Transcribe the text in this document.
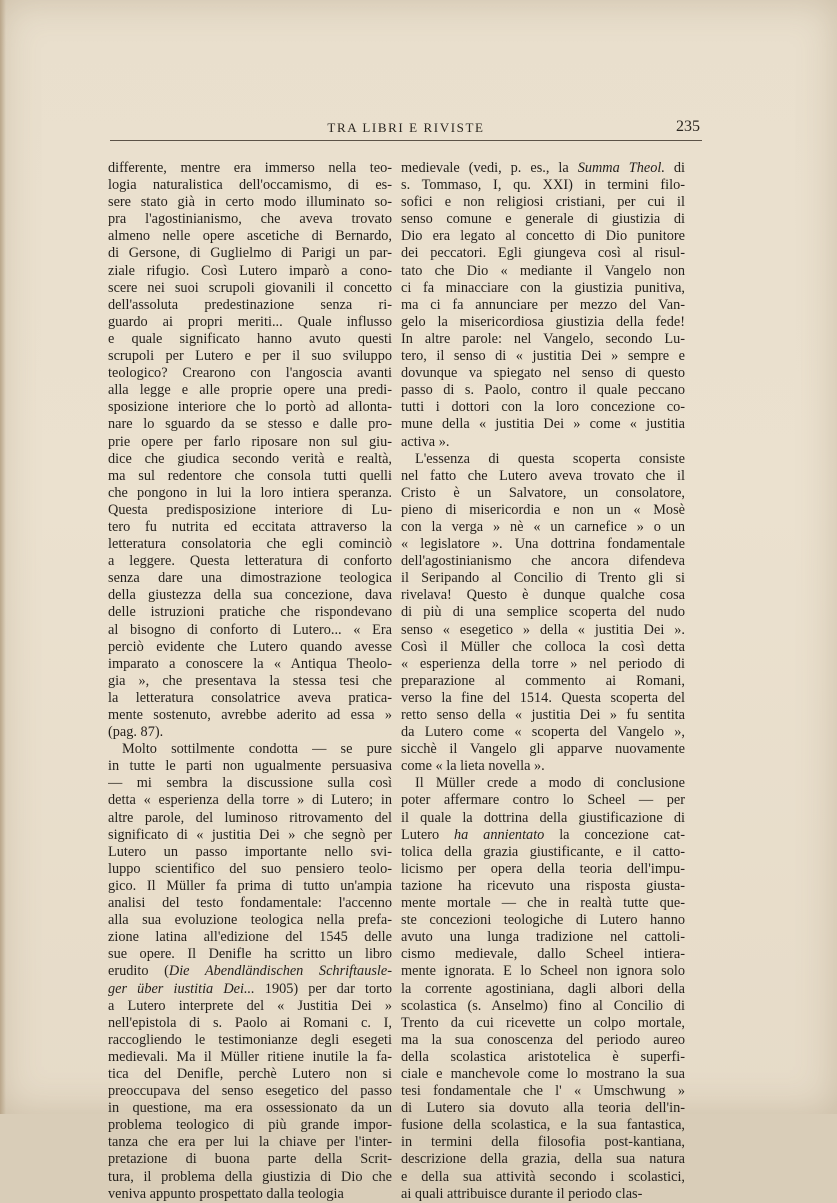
TRA LIBRI E RIVISTE	235
differente, mentre era immerso nella teo-
logia naturalistica dell'occamismo, di es-
sere stato già in certo modo illuminato so-
pra l'agostinianismo, che aveva trovato
almeno nelle opere ascetiche di Bernardo,
di Gersone, di Guglielmo di Parigi un par-
ziale rifugio. Così Lutero imparò a cono-
scere nei suoi scrupoli giovanili il concetto
dell'assoluta predestinazione senza ri-
guardo ai propri meriti... Quale influsso
e quale significato hanno avuto questi
scrupoli per Lutero e per il suo sviluppo
teologico? Crearono con l'angoscia avanti
alla legge e alle proprie opere una predi-
sposizione interiore che lo portò ad allonta-
nare lo sguardo da se stesso e dalle pro-
prie opere per farlo riposare non sul giu-
dice che giudica secondo verità e realtà,
ma sul redentore che consola tutti quelli
che pongono in lui la loro intiera speranza.
Questa predisposizione interiore di Lu-
tero fu nutrita ed eccitata attraverso la
letteratura consolatoria che egli cominciò
a leggere. Questa letteratura di conforto
senza dare una dimostrazione teologica
della giustezza della sua concezione, dava
delle istruzioni pratiche che rispondevano
al bisogno di conforto di Lutero... « Era
perciò evidente che Lutero quando avesse
imparato a conoscere la « Antiqua Theolo-
gia », che presentava la stessa tesi che
la letteratura consolatrice aveva pratica-
mente sostenuto, avrebbe aderito ad essa »
(pag. 87).
Molto sottilmente condotta — se pure
in tutte le parti non ugualmente persuasiva
— mi sembra la discussione sulla così
detta « esperienza della torre » di Lutero; in
altre parole, del luminoso ritrovamento del
significato di « justitia Dei » che segnò per
Lutero un passo importante nello svi-
luppo scientifico del suo pensiero teolo-
gico. Il Müller fa prima di tutto un'ampia
analisi del testo fondamentale: l'accenno
alla sua evoluzione teologica nella prefa-
zione latina all'edizione del 1545 delle
sue opere. Il Denifle ha scritto un libro
erudito (Die Abendländischen Schriftausle-
ger über iustitia Dei... 1905) per dar torto
a Lutero interprete del « Justitia Dei »
nell'epistola di s. Paolo ai Romani c. I,
raccogliendo le testimonianze degli esegeti
medievali. Ma il Müller ritiene inutile la fa-
tica del Denifle, perchè Lutero non si
preoccupava del senso esegetico del passo
in questione, ma era ossessionato da un
problema teologico di più grande impor-
tanza che era per lui la chiave per l'inter-
pretazione di buona parte della Scrit-
tura, il problema della giustizia di Dio che
veniva appunto prospettato dalla teologia
medievale (vedi, p. es., la Summa Theol. di
s. Tommaso, I, qu. XXI) in termini filo-
sofici e non religiosi cristiani, per cui il
senso comune e generale di giustizia di
Dio era legato al concetto di Dio punitore
dei peccatori. Egli giungeva così al risul-
tato che Dio « mediante il Vangelo non
ci fa minacciare con la giustizia punitiva,
ma ci fa annunciare per mezzo del Van-
gelo la misericordiosa giustizia della fede!
In altre parole: nel Vangelo, secondo Lu-
tero, il senso di « justitia Dei » sempre e
dovunque va spiegato nel senso di questo
passo di s. Paolo, contro il quale peccano
tutti i dottori con la loro concezione co-
mune della « justitia Dei » come « justitia
activa ».
L'essenza di questa scoperta consiste
nel fatto che Lutero aveva trovato che il
Cristo è un Salvatore, un consolatore,
pieno di misericordia e non un « Mosè
con la verga » nè « un carnefice » o un
« legislatore ». Una dottrina fondamentale
dell'agostinianismo che ancora difendeva
il Seripando al Concilio di Trento gli si
rivelava! Questo è dunque qualche cosa
di più di una semplice scoperta del nudo
senso « esegetico » della « justitia Dei ».
Così il Müller che colloca la così detta
« esperienza della torre » nel periodo di
preparazione al commento ai Romani,
verso la fine del 1514. Questa scoperta del
retto senso della « justitia Dei » fu sentita
da Lutero come « scoperta del Vangelo »,
sicchè il Vangelo gli apparve nuovamente
come « la lieta novella ».
Il Müller crede a modo di conclusione
poter affermare contro lo Scheel — per
il quale la dottrina della giustificazione di
Lutero ha annientato la concezione cat-
tolica della grazia giustificante, e il catto-
licismo per opera della teoria dell'impu-
tazione ha ricevuto una risposta giusta-
mente mortale — che in realtà tutte que-
ste concezioni teologiche di Lutero hanno
avuto una lunga tradizione nel cattoli-
cismo medievale, dallo Scheel intiera-
mente ignorata. E lo Scheel non ignora solo
la corrente agostiniana, dagli albori della
scolastica (s. Anselmo) fino al Concilio di
Trento da cui ricevette un colpo mortale,
ma la sua conoscenza del periodo aureo
della scolastica aristotelica è superfi-
ciale e manchevole come lo mostrano la sua
tesi fondamentale che l' « Umschwung »
di Lutero sia dovuto alla teoria dell'in-
fusione della scolastica, e la sua fantastica,
in termini della filosofia post-kantiana,
descrizione della grazia, della sua natura
e della sua attività secondo i scolastici,
ai quali attribuisce durante il periodo clas-
